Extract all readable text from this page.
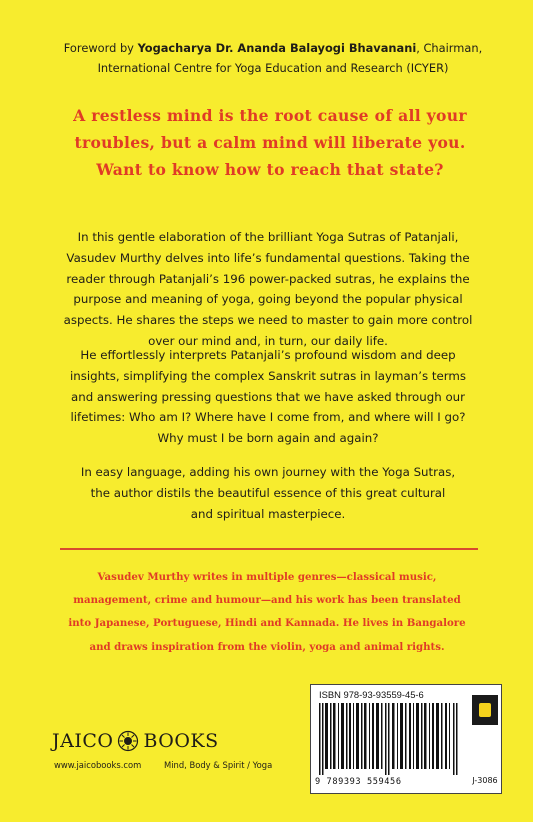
Foreword by Yogacharya Dr. Ananda Balayogi Bhavanani, Chairman,
International Centre for Yoga Education and Research (ICYER)
A restless mind is the root cause of all your
troubles, but a calm mind will liberate you.
Want to know how to reach that state?
In this gentle elaboration of the brilliant Yoga Sutras of Patanjali,
Vasudev Murthy delves into life’s fundamental questions. Taking the
reader through Patanjali’s 196 power-packed sutras, he explains the
purpose and meaning of yoga, going beyond the popular physical
aspects. He shares the steps we need to master to gain more control
over our mind and, in turn, our daily life.
He effortlessly interprets Patanjali’s profound wisdom and deep
insights, simplifying the complex Sanskrit sutras in layman’s terms
and answering pressing questions that we have asked through our
lifetimes: Who am I? Where have I come from, and where will I go?
Why must I be born again and again?
In easy language, adding his own journey with the Yoga Sutras,
the author distils the beautiful essence of this great cultural
and spiritual masterpiece.
Vasudev Murthy writes in multiple genres—classical music,
management, crime and humour—and his work has been translated
into Japanese, Portuguese, Hindi and Kannada. He lives in Bangalore
and draws inspiration from the violin, yoga and animal rights.
JAICO BOOKS
www.jaicobooks.com	Mind, Body & Spirit / Yoga
ISBN 978-93-93559-45-6
9 789393 559456	J-3086
